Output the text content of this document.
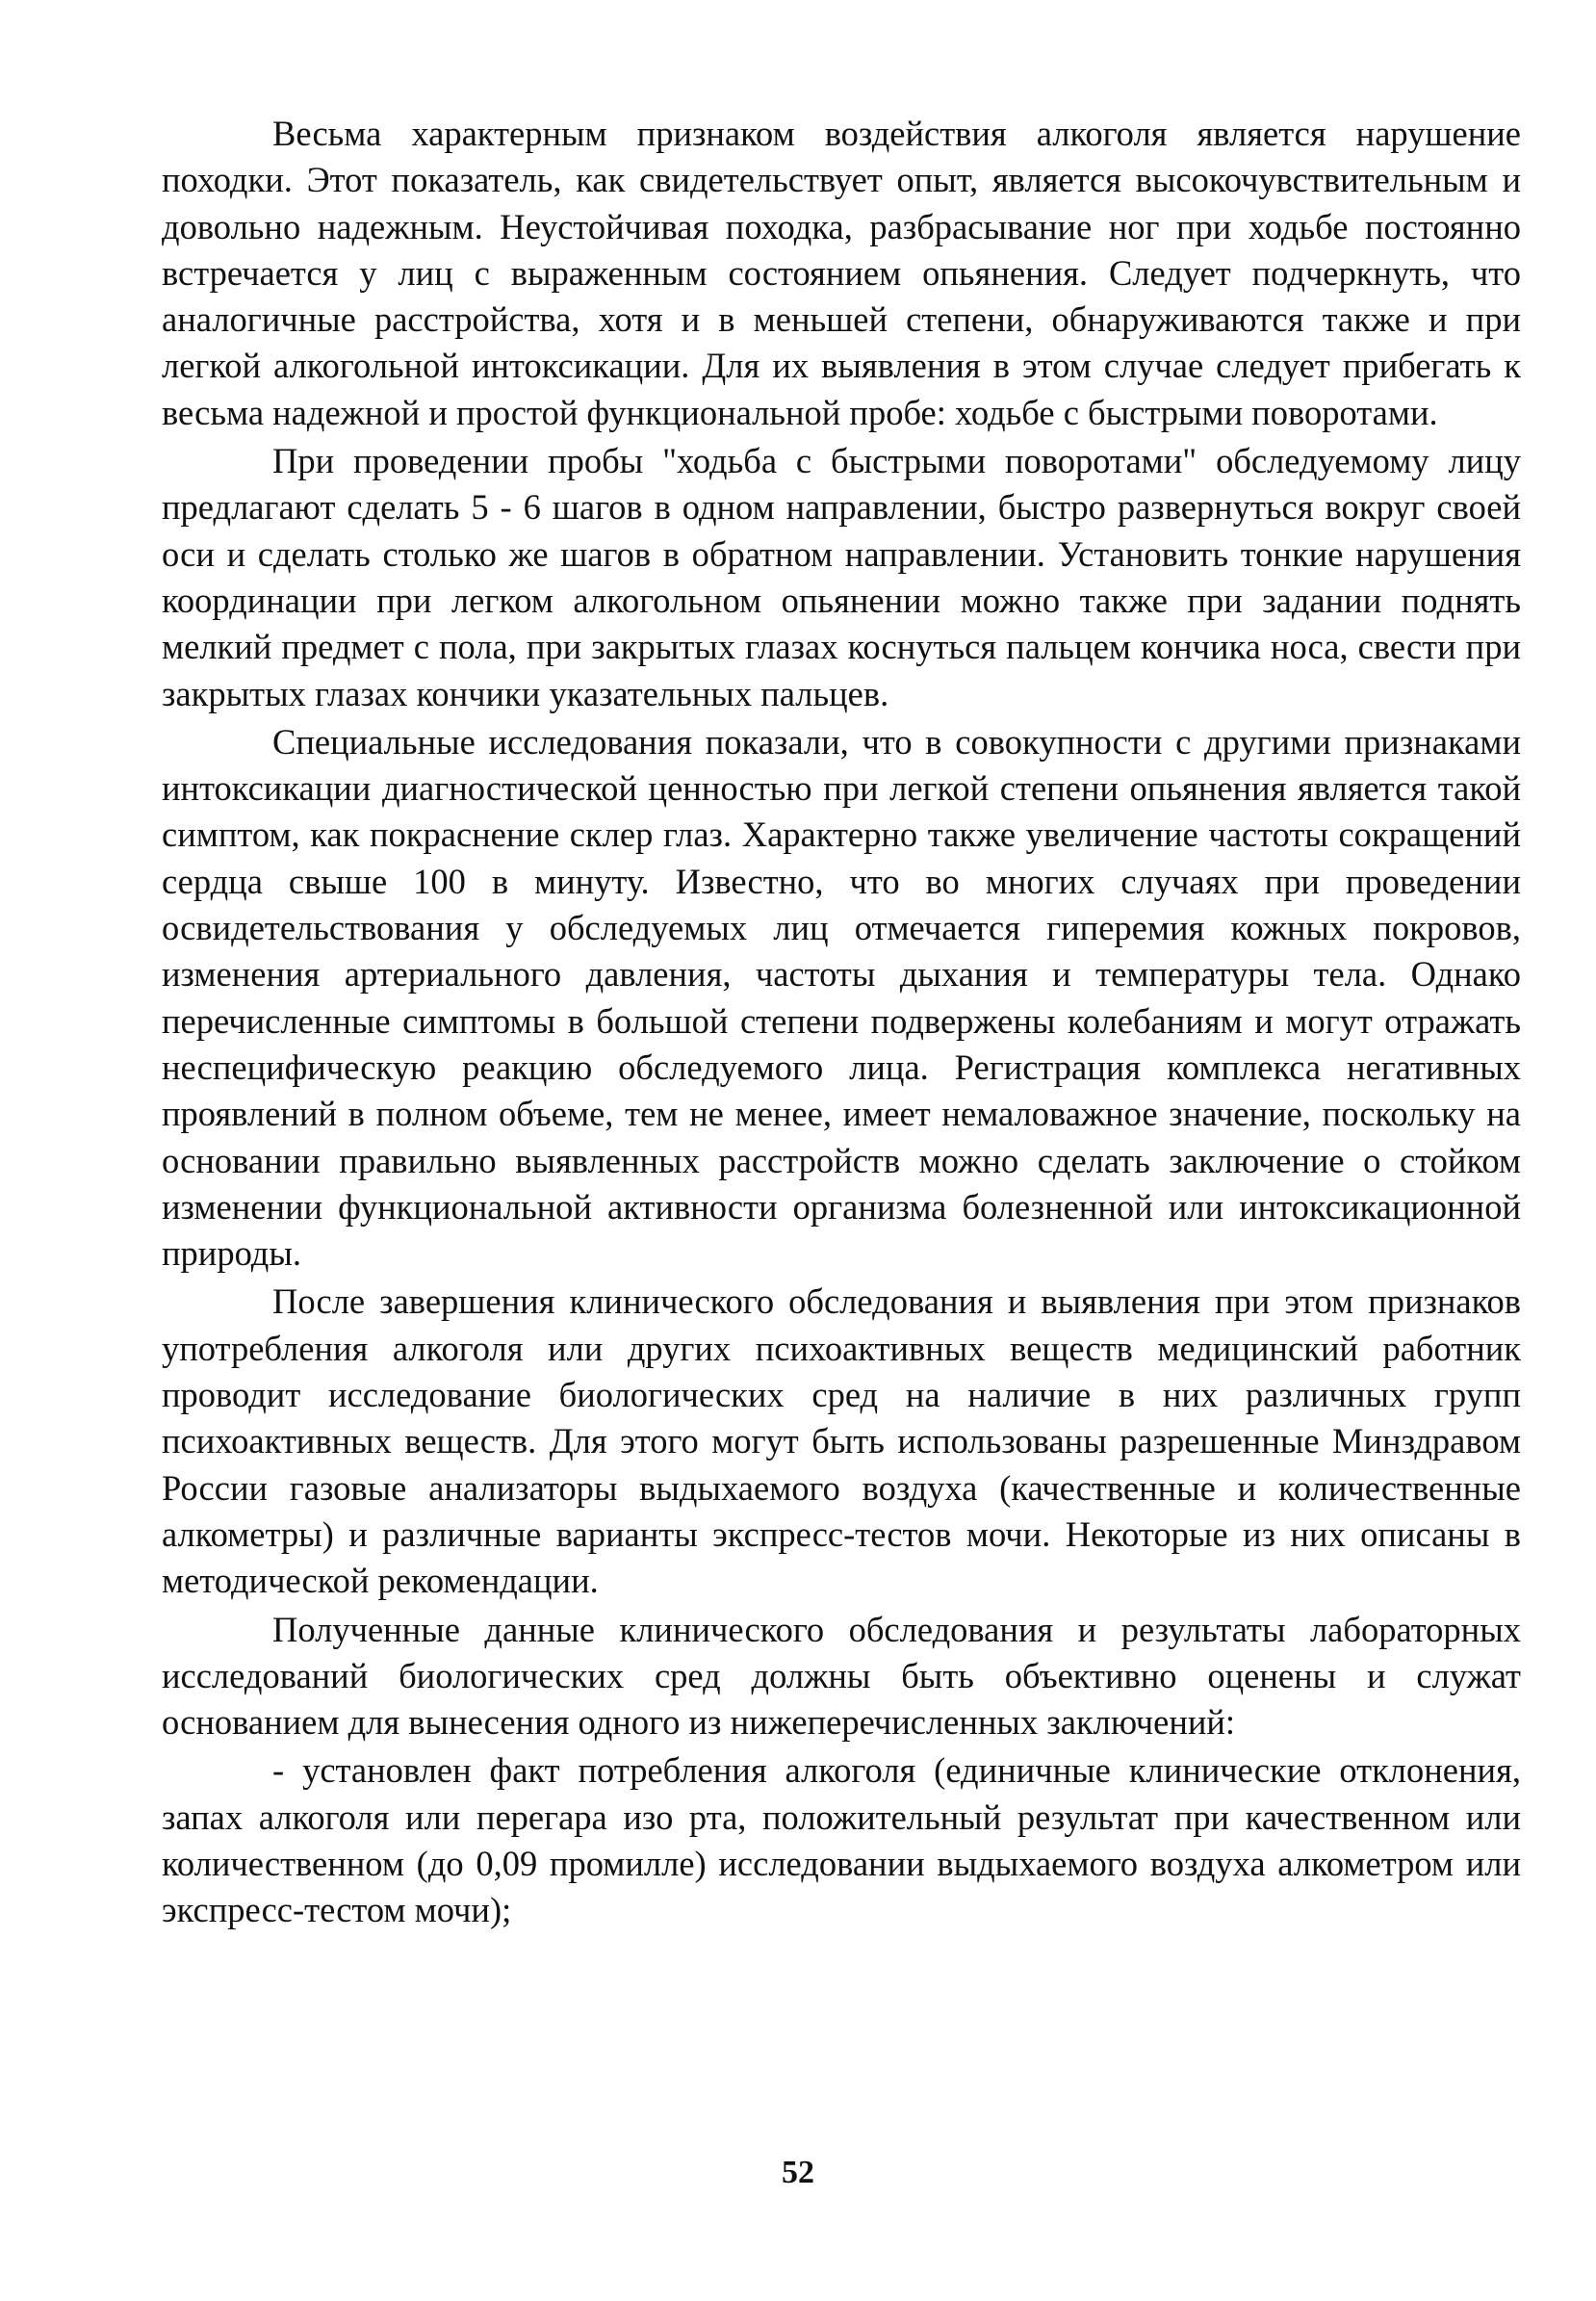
Весьма характерным признаком воздействия алкоголя является нарушение походки. Этот показатель, как свидетельствует опыт, является высокочувствительным и довольно надежным. Неустойчивая походка, разбрасывание ног при ходьбе постоянно встречается у лиц с выраженным состоянием опьянения. Следует подчеркнуть, что аналогичные расстройства, хотя и в меньшей степени, обнаруживаются также и при легкой алкогольной интоксикации. Для их выявления в этом случае следует прибегать к весьма надежной и простой функциональной пробе: ходьбе с быстрыми поворотами.

При проведении пробы "ходьба с быстрыми поворотами" обследуемому лицу предлагают сделать 5 - 6 шагов в одном направлении, быстро развернуться вокруг своей оси и сделать столько же шагов в обратном направлении. Установить тонкие нарушения координации при легком алкогольном опьянении можно также при задании поднять мелкий предмет с пола, при закрытых глазах коснуться пальцем кончика носа, свести при закрытых глазах кончики указательных пальцев.

Специальные исследования показали, что в совокупности с другими признаками интоксикации диагностической ценностью при легкой степени опьянения является такой симптом, как покраснение склер глаз. Характерно также увеличение частоты сокращений сердца свыше 100 в минуту. Известно, что во многих случаях при проведении освидетельствования у обследуемых лиц отмечается гиперемия кожных покровов, изменения артериального давления, частоты дыхания и температуры тела. Однако перечисленные симптомы в большой степени подвержены колебаниям и могут отражать неспецифическую реакцию обследуемого лица. Регистрация комплекса негативных проявлений в полном объеме, тем не менее, имеет немаловажное значение, поскольку на основании правильно выявленных расстройств можно сделать заключение о стойком изменении функциональной активности организма болезненной или интоксикационной природы.

После завершения клинического обследования и выявления при этом признаков употребления алкоголя или других психоактивных веществ медицинский работник проводит исследование биологических сред на наличие в них различных групп психоактивных веществ. Для этого могут быть использованы разрешенные Минздравом России газовые анализаторы выдыхаемого воздуха (качественные и количественные алкометры) и различные варианты экспресс-тестов мочи. Некоторые из них описаны в методической рекомендации.

Полученные данные клинического обследования и результаты лабораторных исследований биологических сред должны быть объективно оценены и служат основанием для вынесения одного из нижеперечисленных заключений:

- установлен факт потребления алкоголя (единичные клинические отклонения, запах алкоголя или перегара изо рта, положительный результат при качественном или количественном (до 0,09 промилле) исследовании выдыхаемого воздуха алкометром или экспресс-тестом мочи);

52
